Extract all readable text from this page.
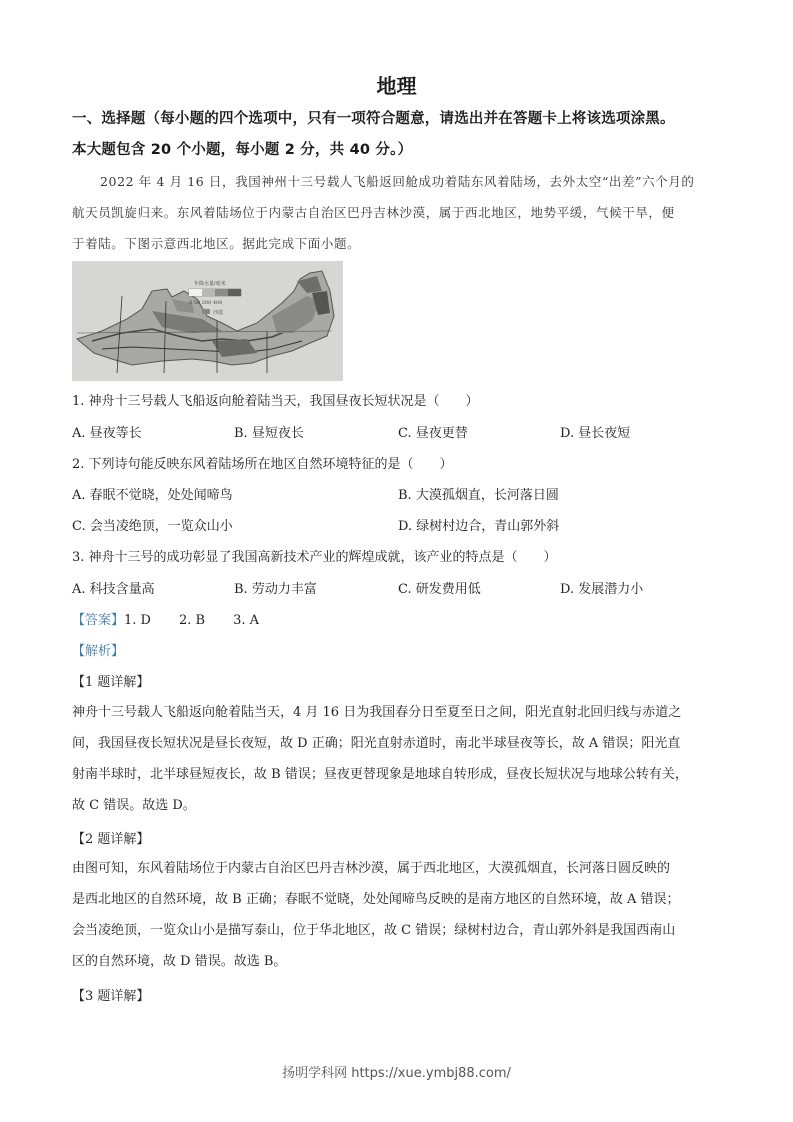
地理
一、选择题（每小题的四个选项中，只有一项符合题意，请选出并在答题卡上将该选项涂黑。
本大题包含 20 个小题，每小题 2 分，共 40 分。）
2022 年 4 月 16 日，我国神州十三号载人飞船返回舱成功着陆东风着陆场，去外太空“出差”六个月的
航天员凯旋归来。东风着陆场位于内蒙古自治区巴丹吉林沙漠，属于西北地区，地势平缓，气候干旱，便
于着陆。下图示意西北地区。据此完成下面小题。
年降水量/毫米
0 50 200 400
沙漠
1. 神舟十三号载人飞船返向舱着陆当天，我国昼夜长短状况是（　　）
A. 昼夜等长	B. 昼短夜长	C. 昼夜更替	D. 昼长夜短
2. 下列诗句能反映东风着陆场所在地区自然环境特征的是（　　）
A. 春眠不觉晓，处处闻啼鸟	B. 大漠孤烟直，长河落日圆
C. 会当凌绝顶，一览众山小	D. 绿树村边合，青山郭外斜
3. 神舟十三号的成功彰显了我国高新技术产业的辉煌成就，该产业的特点是（　　）
A. 科技含量高	B. 劳动力丰富	C. 研发费用低	D. 发展潜力小
【答案】1. D 2. B 3. A
【解析】
【1 题详解】
神舟十三号载人飞船返向舱着陆当天，4 月 16 日为我国春分日至夏至日之间，阳光直射北回归线与赤道之
间，我国昼夜长短状况是昼长夜短，故 D 正确；阳光直射赤道时，南北半球昼夜等长，故 A 错误；阳光直
射南半球时，北半球昼短夜长，故 B 错误；昼夜更替现象是地球自转形成，昼夜长短状况与地球公转有关，
故 C 错误。故选 D。
【2 题详解】
由图可知，东风着陆场位于内蒙古自治区巴丹吉林沙漠，属于西北地区，大漠孤烟直，长河落日圆反映的
是西北地区的自然环境，故 B 正确；春眠不觉晓，处处闻啼鸟反映的是南方地区的自然环境，故 A 错误；
会当凌绝顶，一览众山小是描写泰山，位于华北地区，故 C 错误；绿树村边合，青山郭外斜是我国西南山
区的自然环境，故 D 错误。故选 B。
【3 题详解】
扬明学科网 https://xue.ymbj88.com/
